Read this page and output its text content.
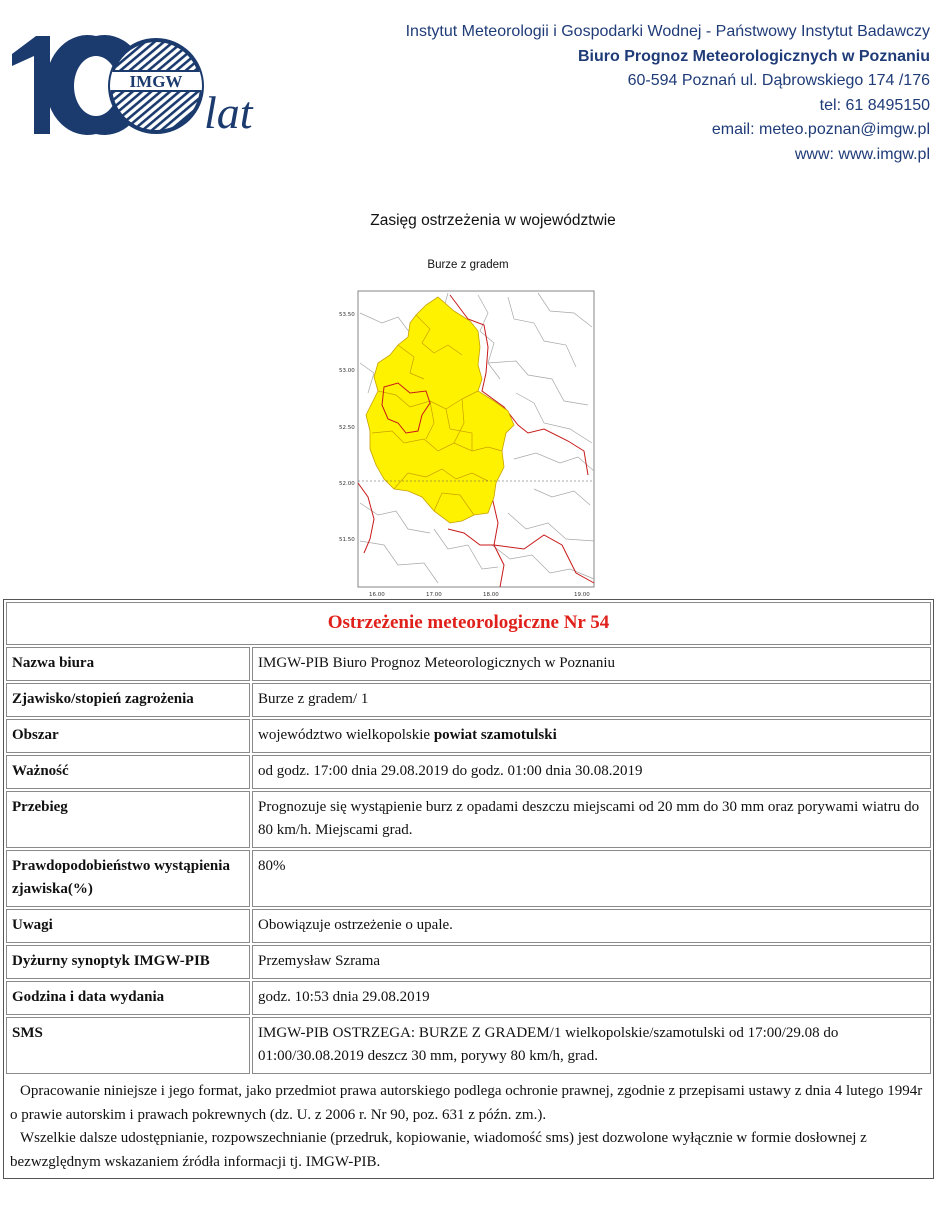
IMGW
lat
Instytut Meteorologii i Gospodarki Wodnej - Państwowy Instytut Badawczy
Biuro Prognoz Meteorologicznych w Poznaniu
60-594 Poznań ul. Dąbrowskiego 174 /176
tel: 61 8495150
email: meteo.poznan@imgw.pl
www: www.imgw.pl
Zasięg ostrzeżenia w województwie
Burze z gradem
53.50
53.00
52.50
52.00
51.50
16.00	17.00	18.00	19.00
Ostrzeżenie meteorologiczne Nr 54	
Nazwa biura	IMGW-PIB Biuro Prognoz Meteorologicznych w Poznaniu
Zjawisko/stopień zagrożenia	Burze z gradem/ 1
Obszar	województwo wielkopolskie powiat szamotulski
Ważność	od godz. 17:00 dnia 29.08.2019 do godz. 01:00 dnia 30.08.2019
Przebieg	Prognozuje się wystąpienie burz z opadami deszczu miejscami od 20 mm do 30 mm oraz porywami wiatru do 80 km/h. Miejscami grad.
Prawdopodobieństwo wystąpienia zjawiska(%)	80%
Uwagi	Obowiązuje ostrzeżenie o upale.
Dyżurny synoptyk IMGW-PIB	Przemysław Szrama
Godzina i data wydania	godz. 10:53 dnia 29.08.2019
SMS	IMGW-PIB OSTRZEGA: BURZE Z GRADEM/1 wielkopolskie/szamotulski od 17:00/29.08 do 01:00/30.08.2019 deszcz 30 mm, porywy 80 km/h, grad.

Opracowanie niniejsze i jego format, jako przedmiot prawa autorskiego podlega ochronie prawnej, zgodnie z przepisami ustawy z dnia 4 lutego 1994r o prawie autorskim i prawach pokrewnych (dz. U. z 2006 r. Nr 90, poz. 631 z późn. zm.).

Wszelkie dalsze udostępnianie, rozpowszechnianie (przedruk, kopiowanie, wiadomość sms) jest dozwolone wyłącznie w formie dosłownej z bezwzględnym wskazaniem źródła informacji tj. IMGW-PIB.
